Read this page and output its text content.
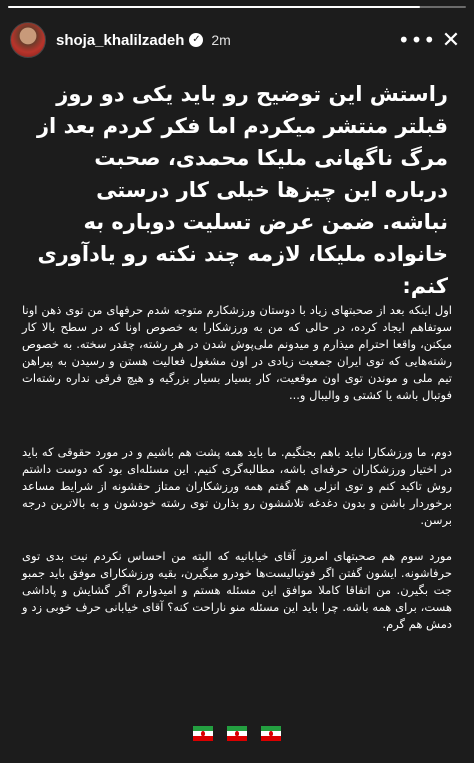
shoja_khalilzadeh ✓ 2m	••• ✕

راستش این توضیح رو باید یکی دو روز قبلتر منتشر میکردم اما فکر کردم بعد از مرگ ناگهانی ملیکا محمدی، صحبت درباره این چیزها خیلی کار درستی نباشه. ضمن عرض تسلیت دوباره به خانواده ملیکا، لازمه چند نکته رو یادآوری کنم:

اول اینکه بعد از صحبتهای زیاد با دوستان ورزشکارم متوجه شدم حرفهای من توی ذهن اونا سوتفاهم ایجاد کرده، در حالی که من به ورزشکارا به خصوص اونا که در سطح بالا کار میکنن، واقعا احترام میذارم و میدونم ملی‌پوش شدن در هر رشته، چقدر سخته. به خصوص رشته‌هایی که توی ایران جمعیت زیادی در اون مشغول فعالیت هستن و رسیدن به پیراهن تیم ملی و موندن توی اون موقعیت، کار بسیار بسیار بزرگیه و هیچ فرقی نداره رشته‌ات فوتبال باشه یا کشتی و والیبال و...

دوم، ما ورزشکارا نباید باهم بجنگیم. ما باید همه پشت هم باشیم و در مورد حقوقی که باید در اختیار ورزشکاران حرفه‌ای باشه، مطالبه‌گری کنیم. این مسئله‌ای بود که دوست داشتم روش تاکید کنم و توی انزلی هم گفتم همه ورزشکاران ممتاز حقشونه از شرایط مساعد برخوردار باشن و بدون دغدغه تلاششون رو بذارن توی رشته خودشون و به بالاترین درجه برسن.

مورد سوم هم صحبتهای امروز آقای خیابانیه که البته من احساس نکردم نیت بدی توی حرفاشونه. ایشون گفتن اگر فوتبالیست‌ها خودرو میگیرن، بقیه ورزشکارای موفق باید جمبو جت بگیرن. من اتفاقا کاملا موافق این مسئله هستم و امیدوارم اگر گشایش و پاداشی هست، برای همه باشه. چرا باید این مسئله منو ناراحت کنه؟ آقای خیابانی حرف خوبی زد و دمش هم گرم.
